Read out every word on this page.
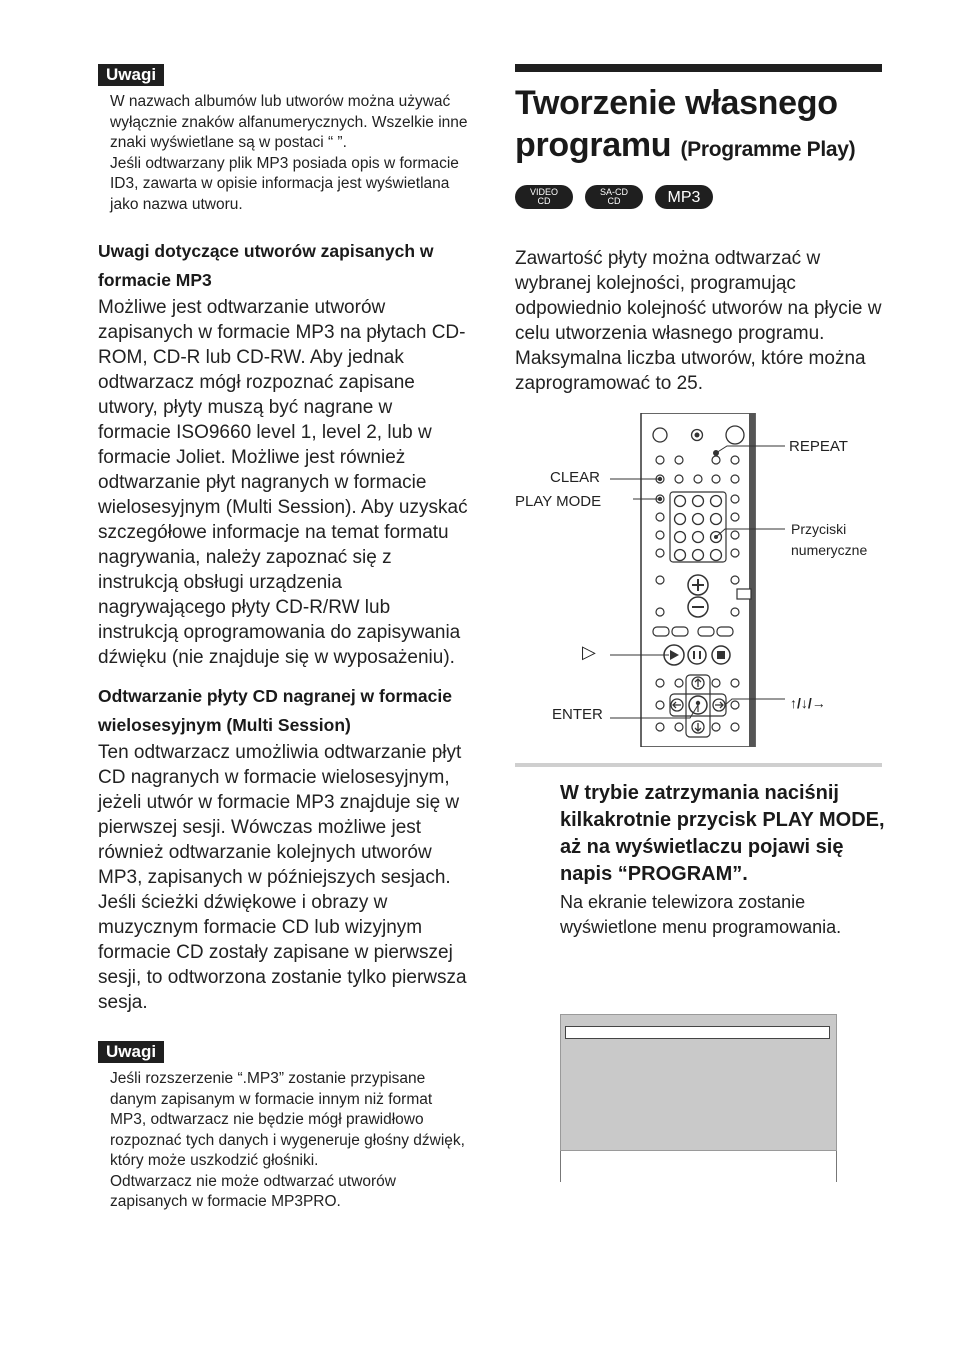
Uwagi

W nazwach albumów lub utworów można używać wyłącznie znaków alfanumerycznych. Wszelkie inne znaki wyświetlane są w postaci “ ”.

Jeśli odtwarzany plik MP3 posiada opis w formacie ID3, zawarta w opisie informacja jest wyświetlana jako nazwa utworu.

Uwagi dotyczące utworów zapisanych w formacie MP3

Możliwe jest odtwarzanie utworów zapisanych w formacie MP3 na płytach CD-ROM, CD-R lub CD-RW. Aby jednak odtwarzacz mógł rozpoznać zapisane utwory, płyty muszą być nagrane w formacie ISO9660 level 1, level 2, lub w formacie Joliet. Możliwe jest również odtwarzanie płyt nagranych w formacie wielosesyjnym (Multi Session). Aby uzyskać szczegółowe informacje na temat formatu nagrywania, należy zapoznać się z instrukcją obsługi urządzenia nagrywającego płyty CD-R/RW lub instrukcją oprogramowania do zapisywania dźwięku (nie znajduje się w wyposażeniu).

Odtwarzanie płyty CD nagranej w formacie wielosesyjnym (Multi Session)

Ten odtwarzacz umożliwia odtwarzanie płyt CD nagranych w formacie wielosesyjnym, jeżeli utwór w formacie MP3 znajduje się w pierwszej sesji. Wówczas możliwe jest również odtwarzanie kolejnych utworów MP3, zapisanych w późniejszych sesjach.

Jeśli ścieżki dźwiękowe i obrazy w muzycznym formacie CD lub wizyjnym formacie CD zostały zapisane w pierwszej sesji, to odtworzona zostanie tylko pierwsza sesja.

Uwagi

Jeśli rozszerzenie “.MP3” zostanie przypisane danym zapisanym w formacie innym niż format MP3, odtwarzacz nie będzie mógł prawidłowo rozpoznać tych danych i wygeneruje głośny dźwięk, który może uszkodzić głośniki.

Odtwarzacz nie może odtwarzać utworów zapisanych w formacie MP3PRO.

Tworzenie własnego programu (Programme Play)
VIDEO
CD
SA-CD
CD	MP3

Zawartość płyty można odtwarzać w wybranej kolejności, programując odpowiednio kolejność utworów na płycie w celu utworzenia własnego programu. Maksymalna liczba utworów, które można zaprogramować to 25.

REPEAT
CLEAR
PLAY MODE
Przyciski
numeryczne
▷
ENTER
↑/↓/→

W trybie zatrzymania naciśnij kilkakrotnie przycisk PLAY MODE, aż na wyświetlaczu pojawi się napis “PROGRAM”.

Na ekranie telewizora zostanie wyświetlone menu programowania.
